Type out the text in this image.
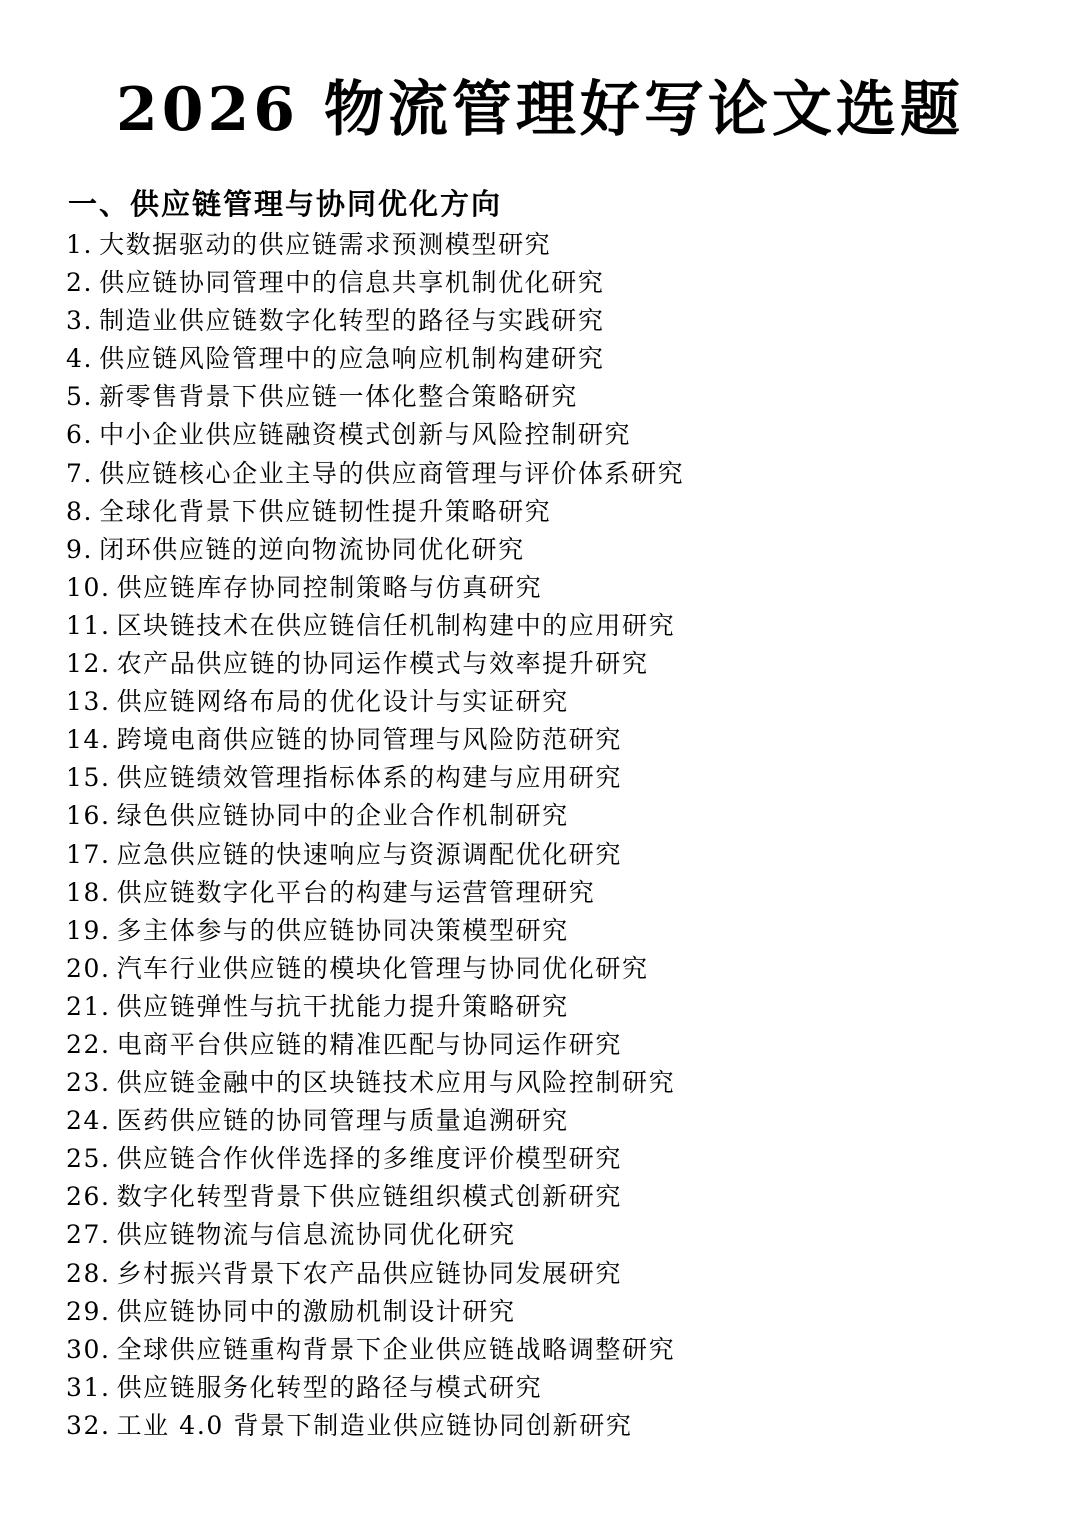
2026 物流管理好写论文选题
一、供应链管理与协同优化方向
1. 大数据驱动的供应链需求预测模型研究
2. 供应链协同管理中的信息共享机制优化研究
3. 制造业供应链数字化转型的路径与实践研究
4. 供应链风险管理中的应急响应机制构建研究
5. 新零售背景下供应链一体化整合策略研究
6. 中小企业供应链融资模式创新与风险控制研究
7. 供应链核心企业主导的供应商管理与评价体系研究
8. 全球化背景下供应链韧性提升策略研究
9. 闭环供应链的逆向物流协同优化研究
10. 供应链库存协同控制策略与仿真研究
11. 区块链技术在供应链信任机制构建中的应用研究
12. 农产品供应链的协同运作模式与效率提升研究
13. 供应链网络布局的优化设计与实证研究
14. 跨境电商供应链的协同管理与风险防范研究
15. 供应链绩效管理指标体系的构建与应用研究
16. 绿色供应链协同中的企业合作机制研究
17. 应急供应链的快速响应与资源调配优化研究
18. 供应链数字化平台的构建与运营管理研究
19. 多主体参与的供应链协同决策模型研究
20. 汽车行业供应链的模块化管理与协同优化研究
21. 供应链弹性与抗干扰能力提升策略研究
22. 电商平台供应链的精准匹配与协同运作研究
23. 供应链金融中的区块链技术应用与风险控制研究
24. 医药供应链的协同管理与质量追溯研究
25. 供应链合作伙伴选择的多维度评价模型研究
26. 数字化转型背景下供应链组织模式创新研究
27. 供应链物流与信息流协同优化研究
28. 乡村振兴背景下农产品供应链协同发展研究
29. 供应链协同中的激励机制设计研究
30. 全球供应链重构背景下企业供应链战略调整研究
31. 供应链服务化转型的路径与模式研究
32. 工业 4.0 背景下制造业供应链协同创新研究
